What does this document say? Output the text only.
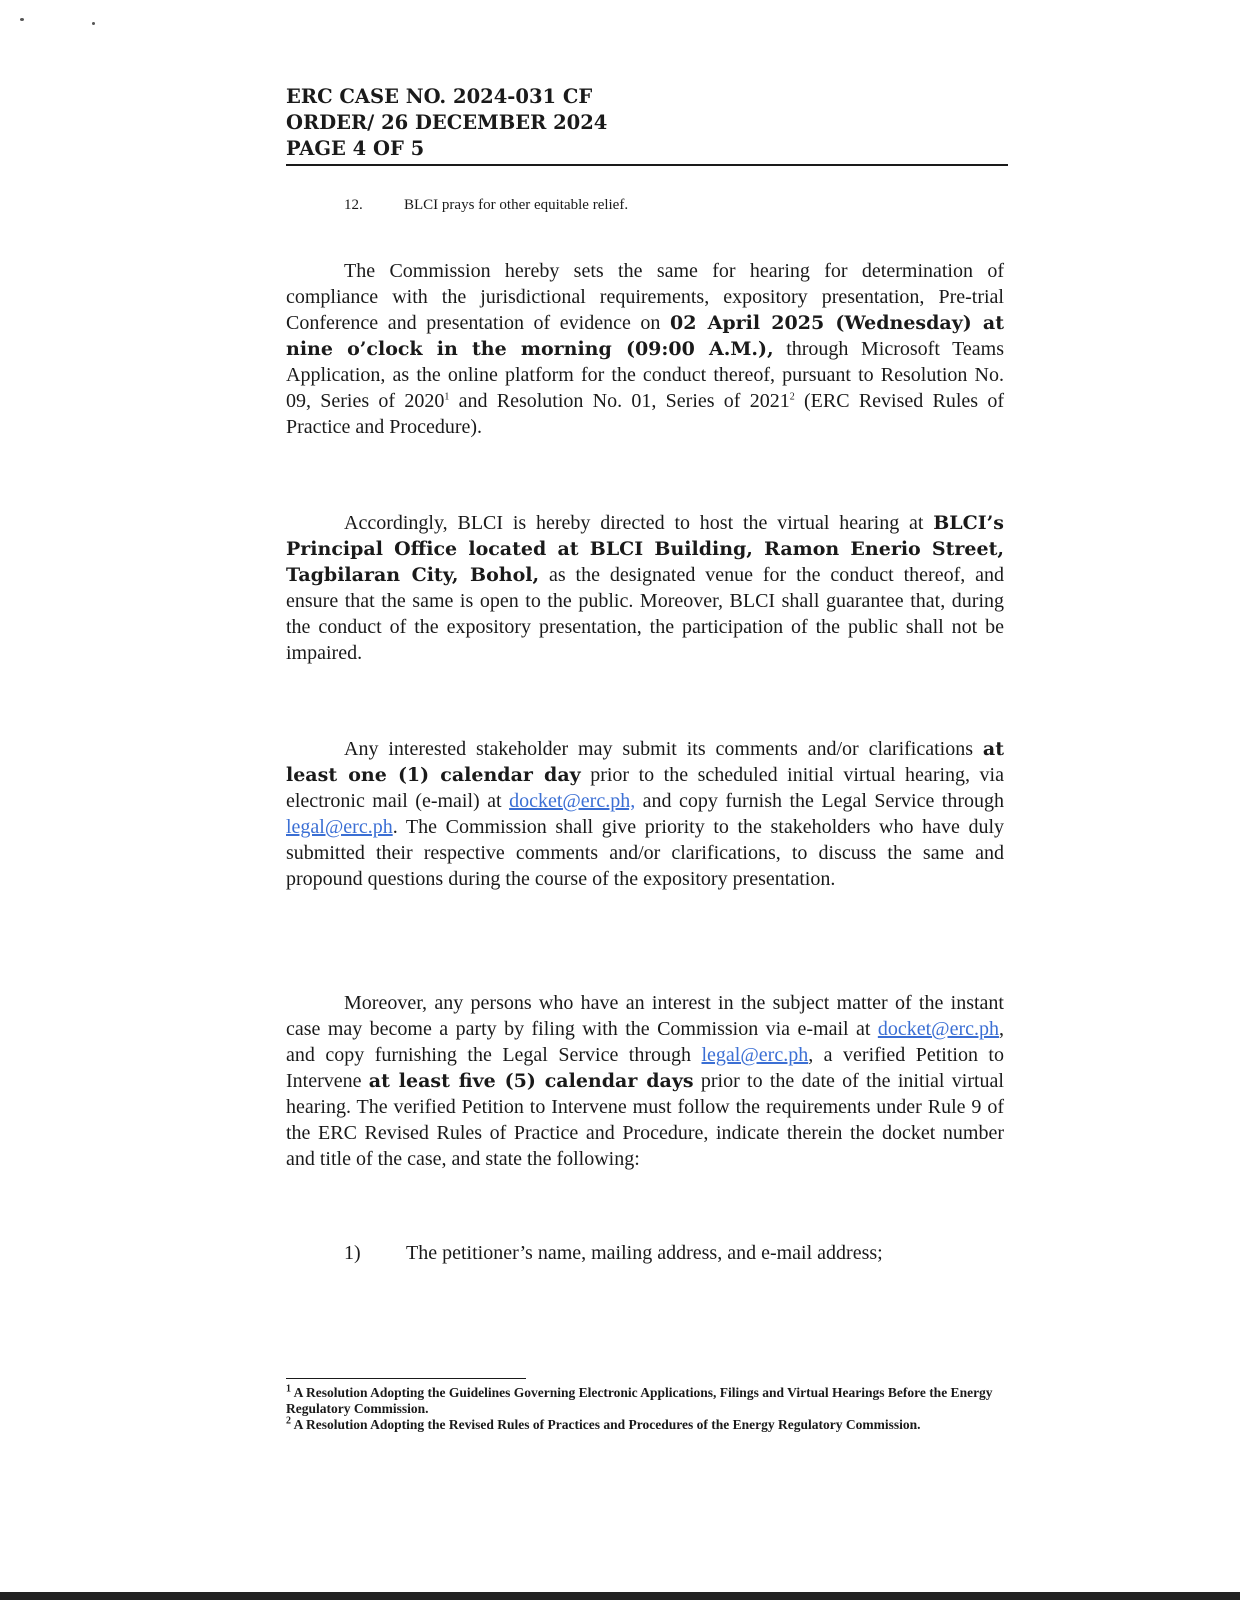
ERC CASE NO. 2024-031 CF
ORDER/ 26 DECEMBER 2024
PAGE 4 OF 5
12.	BLCI prays for other equitable relief.

The Commission hereby sets the same for hearing for determination of compliance with the jurisdictional requirements, expository presentation, Pre-trial Conference and presentation of evidence on 02 April 2025 (Wednesday) at nine o’clock in the morning (09:00 A.M.), through Microsoft Teams Application, as the online platform for the conduct thereof, pursuant to Resolution No. 09, Series of 2020$^1$ and Resolution No. 01, Series of 2021$^2$ (ERC Revised Rules of Practice and Procedure).

Accordingly, BLCI is hereby directed to host the virtual hearing at BLCI’s Principal Office located at BLCI Building, Ramon Enerio Street, Tagbilaran City, Bohol, as the designated venue for the conduct thereof, and ensure that the same is open to the public. Moreover, BLCI shall guarantee that, during the conduct of the expository presentation, the participation of the public shall not be impaired.

Any interested stakeholder may submit its comments and/or clarifications at least one (1) calendar day prior to the scheduled initial virtual hearing, via electronic mail (e-mail) at docket@erc.ph, and copy furnish the Legal Service through legal@erc.ph. The Commission shall give priority to the stakeholders who have duly submitted their respective comments and/or clarifications, to discuss the same and propound questions during the course of the expository presentation.

Moreover, any persons who have an interest in the subject matter of the instant case may become a party by filing with the Commission via e-mail at docket@erc.ph, and copy furnishing the Legal Service through legal@erc.ph, a verified Petition to Intervene at least five (5) calendar days prior to the date of the initial virtual hearing. The verified Petition to Intervene must follow the requirements under Rule 9 of the ERC Revised Rules of Practice and Procedure, indicate therein the docket number and title of the case, and state the following:

1) The petitioner’s name, mailing address, and e-mail address;

$^1$ A Resolution Adopting the Guidelines Governing Electronic Applications, Filings and Virtual Hearings Before the Energy Regulatory Commission.

$^2$ A Resolution Adopting the Revised Rules of Practices and Procedures of the Energy Regulatory Commission.
